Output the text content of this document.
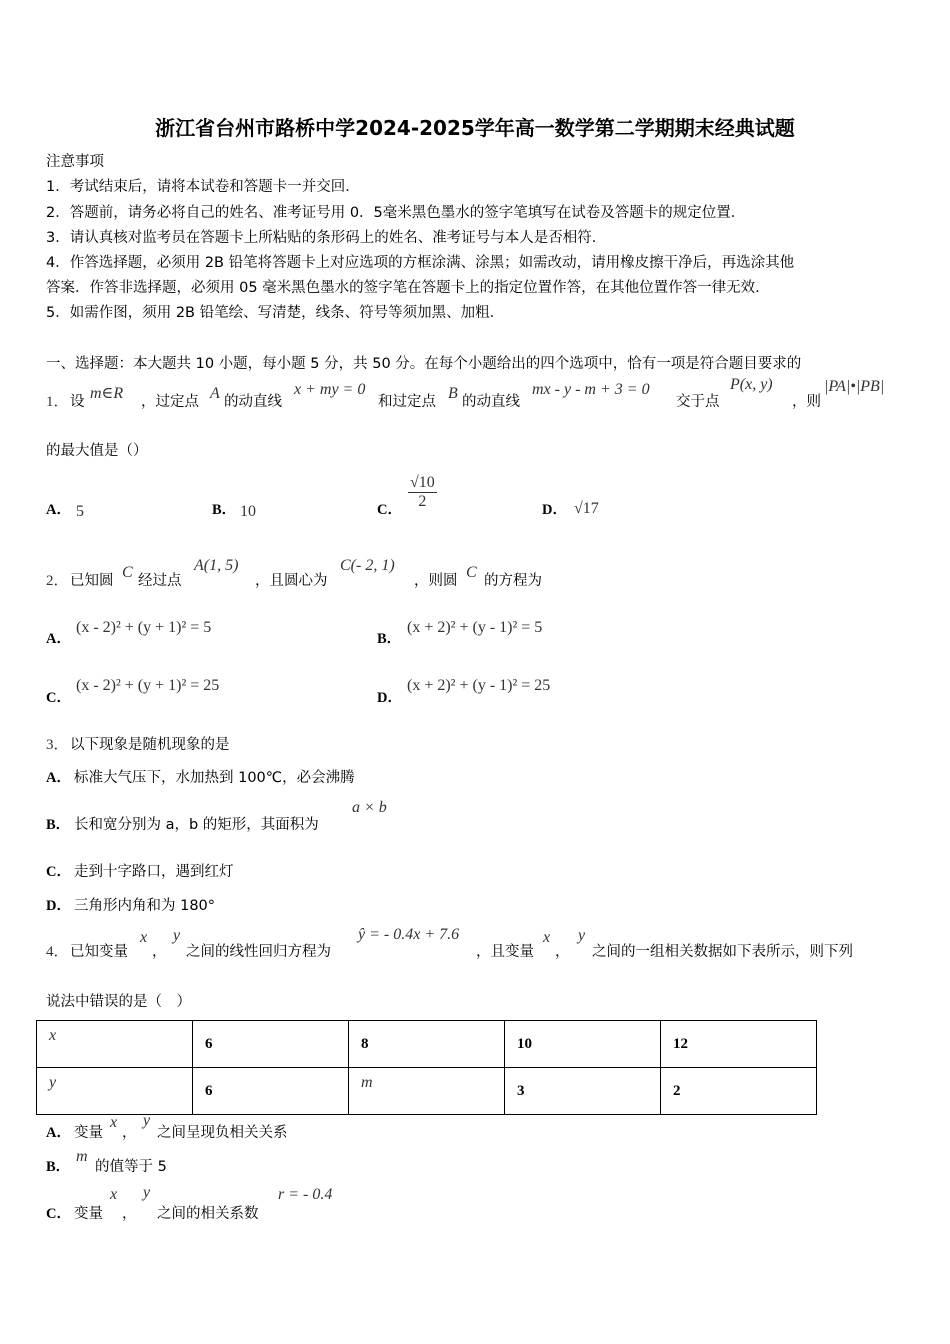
浙江省台州市路桥中学2024-2025学年高一数学第二学期期末经典试题
注意事项
1．考试结束后，请将本试卷和答题卡一并交回．
2．答题前，请务必将自己的姓名、准考证号用 0．5毫米黑色墨水的签字笔填写在试卷及答题卡的规定位置．
3．请认真核对监考员在答题卡上所粘贴的条形码上的姓名、准考证号与本人是否相符．
4．作答选择题，必须用 2B 铅笔将答题卡上对应选项的方框涂满、涂黑；如需改动，请用橡皮擦干净后，再选涂其他
答案．作答非选择题，必须用 05 毫米黑色墨水的签字笔在答题卡上的指定位置作答，在其他位置作答一律无效．
5．如需作图，须用 2B 铅笔绘、写清楚，线条、符号等须加黑、加粗．
一、选择题：本大题共 10 小题，每小题 5 分，共 50 分。在每个小题给出的四个选项中，恰有一项是符合题目要求的
1． 设 m∈R ，过定点 A 的动直线
x + my = 0
和过定点 B 的动直线
mx - y - m + 3 = 0
交于点
P(x, y)
，则
|PA|•|PB|
的最大值是（）
A． 5	B． 10	C． $\frac{√10}{2}$	D． √17
2． 已知圆 C 经过点
A(1, 5)
，且圆心为
C(- 2, 1)
，则圆 C 的方程为
A．
(x - 2)² + (y + 1)² = 5
B．
(x + 2)² + (y - 1)² = 5
C．
(x - 2)² + (y + 1)² = 25
D．
(x + 2)² + (y - 1)² = 25
3． 以下现象是随机现象的是
A． 标准大气压下，水加热到 100℃，必会沸腾
B． 长和宽分别为 a，b 的矩形，其面积为
a × b
C． 走到十字路口，遇到红灯
D． 三角形内角和为 180°
4． 已知变量
x
，
y
之间的线性回归方程为
ŷ = - 0.4x + 7.6
，且变量
x
，
y
之间的一组相关数据如下表所示，则下列
说法中错误的是（　）
x	6	8	10	12
y	6	m	3	2
A． 变量
x
，
y
之间呈现负相关关系
B．
m
的值等于 5
C． 变量
x
，
y
之间的相关系数
r = - 0.4
